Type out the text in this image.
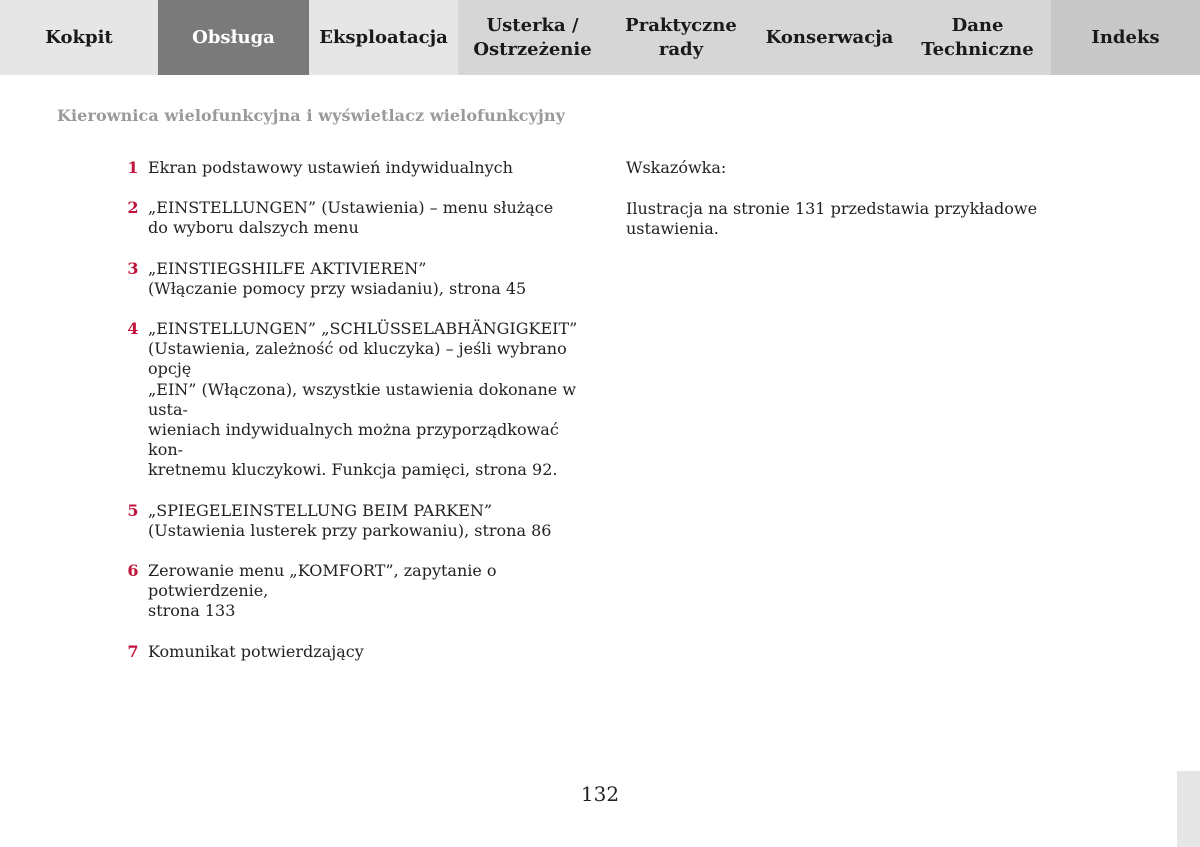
Kokpit	Obsługa	Eksploatacja
Usterka /
Ostrzeżenie
Praktyczne
rady
Konserwacja
Dane
Techniczne
Indeks
Kierownica wielofunkcyjna i wyświetlacz wielofunkcyjny
1 Ekran podstawowy ustawień indywidualnych
2 „EINSTELLUNGEN” (Ustawienia) – menu służące
do wyboru dalszych menu
3 „EINSTIEGSHILFE AKTIVIEREN”
(Włączanie pomocy przy wsiadaniu), strona 45
4 „EINSTELLUNGEN” „SCHLÜSSELABHÄNGIGKEIT”
(Ustawienia, zależność od kluczyka) – jeśli wybrano opcję
„EIN” (Włączona), wszystkie ustawienia dokonane w usta-
wieniach indywidualnych można przyporządkować kon-
kretnemu kluczykowi. Funkcja pamięci, strona 92.
5 „SPIEGELEINSTELLUNG BEIM PARKEN”
(Ustawienia lusterek przy parkowaniu), strona 86
6 Zerowanie menu „KOMFORT”, zapytanie o potwierdzenie,
strona 133
7 Komunikat potwierdzający
Wskazówka:
Ilustracja na stronie 131 przedstawia przykładowe ustawienia.
132
